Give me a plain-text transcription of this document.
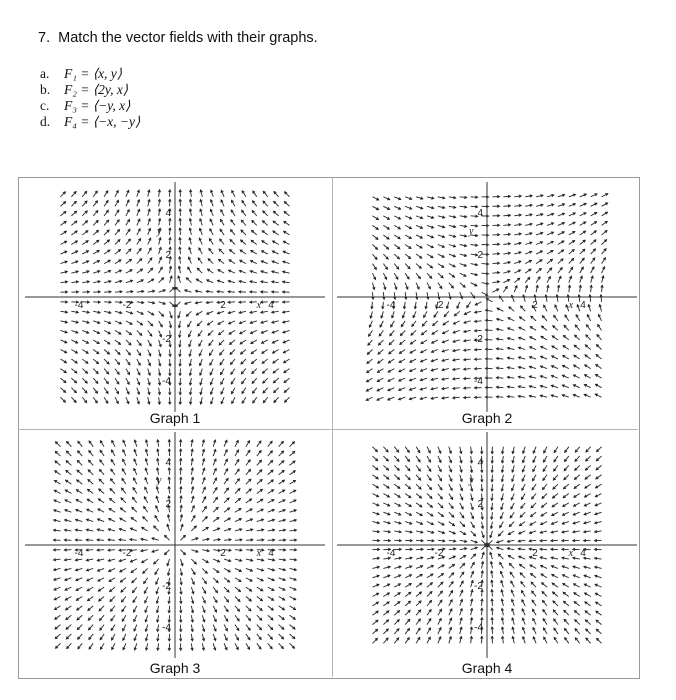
7. Match the vector fields with their graphs.
a.	F₁ = ⟨x, y⟩
b.	F₂ = ⟨2y, x⟩
c.	F₃ = ⟨−y, x⟩
d.	F₄ = ⟨−x, −y⟩
4
4
2
2
-2
-2
-4
-4
x
y
Graph 1
4
4
2
2
-2
-2
-4
-4
x
y
Graph 2
4
4
2
2
-2
-2
-4
-4
x
y
Graph 3
4
4
2
2
-2
-2
-4
-4
x
y
Graph 4
